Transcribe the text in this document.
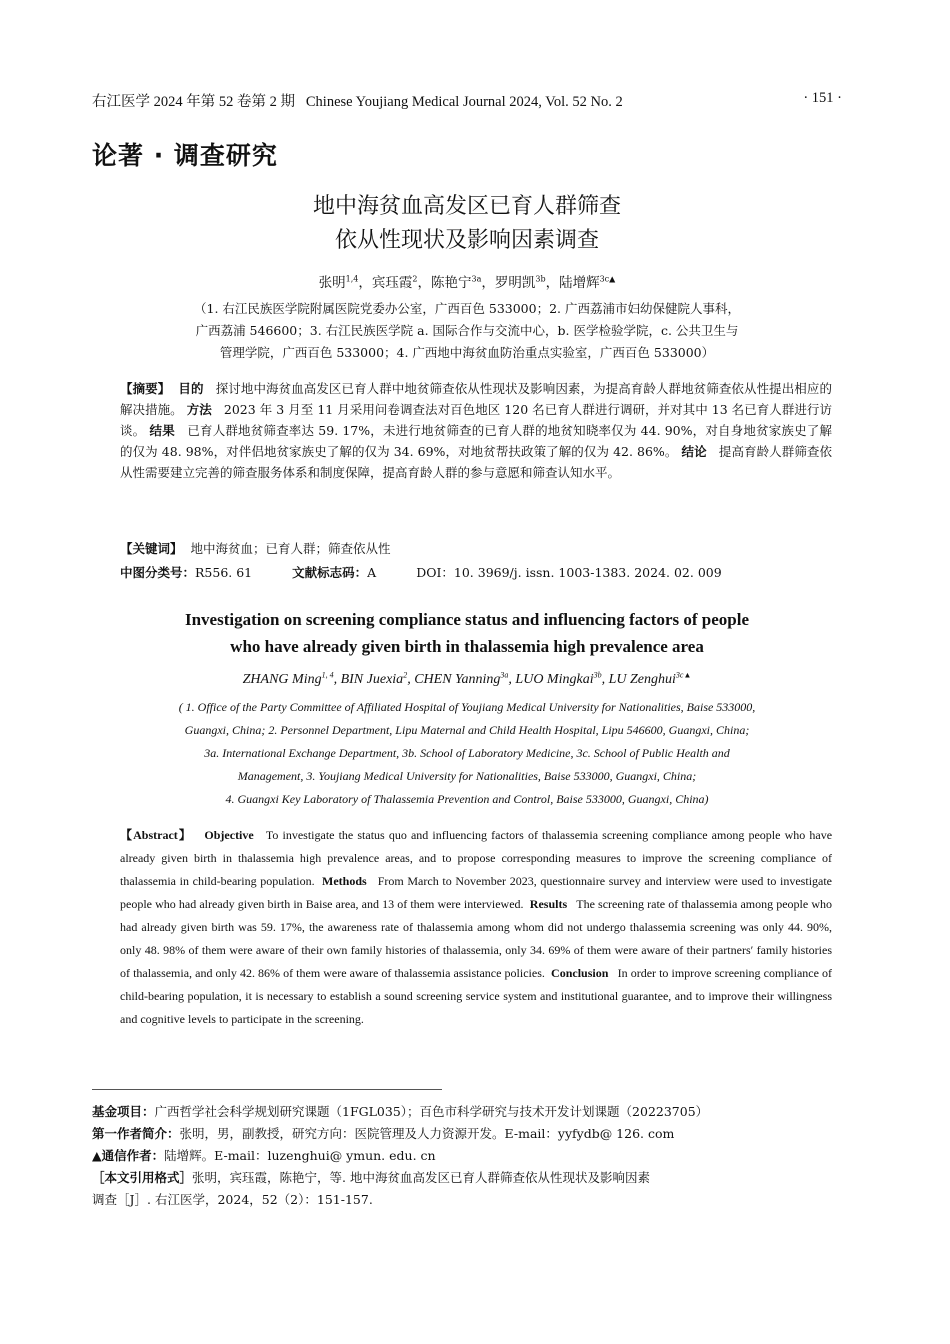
右江医学 2024 年第 52 卷第 2 期 Chinese Youjiang Medical Journal 2024, Vol. 52 No. 2	· 151 ·
论著 · 调查研究
地中海贫血高发区已育人群筛查
依从性现状及影响因素调查
张明$^{1,4}$，宾珏霞$^2$，陈艳宁$^{3a}$，罗明凯$^{3b}$，陆增辉$^{3c▲}$
（1. 右江民族医学院附属医院党委办公室，广西百色 533000；2. 广西荔浦市妇幼保健院人事科，
广西荔浦 546600；3. 右江民族医学院 a. 国际合作与交流中心，b. 医学检验学院，c. 公共卫生与
管理学院，广西百色 533000；4. 广西地中海贫血防治重点实验室，广西百色 533000）
【摘要】 目的 探讨地中海贫血高发区已育人群中地贫筛查依从性现状及影响因素，为提高育龄人群地贫筛查依从性提出相应的解决措施。 方法 2023 年 3 月至 11 月采用问卷调查法对百色地区 120 名已育人群进行调研，并对其中 13 名已育人群进行访谈。 结果 已育人群地贫筛查率达 59. 17%，未进行地贫筛查的已育人群的地贫知晓率仅为 44. 90%，对自身地贫家族史了解的仅为 48. 98%，对伴侣地贫家族史了解的仅为 34. 69%，对地贫帮扶政策了解的仅为 42. 86%。 结论 提高育龄人群筛查依从性需要建立完善的筛查服务体系和制度保障，提高育龄人群的参与意愿和筛查认知水平。
【关键词】 地中海贫血；已育人群；筛查依从性
中图分类号：R556. 61	文献标志码：A	DOI：10. 3969/j. issn. 1003-1383. 2024. 02. 009
Investigation on screening compliance status and influencing factors of people
who have already given birth in thalassemia high prevalence area
ZHANG Ming$^{1, 4}$, BIN Juexia$^2$, CHEN Yanning$^{3a}$, LUO Mingkai$^{3b}$, LU Zenghui$^{3c▲}$
( 1. Office of the Party Committee of Affiliated Hospital of Youjiang Medical University for Nationalities, Baise 533000,
Guangxi, China; 2. Personnel Department, Lipu Maternal and Child Health Hospital, Lipu 546600, Guangxi, China;
3a. International Exchange Department, 3b. School of Laboratory Medicine, 3c. School of Public Health and
Management, 3. Youjiang Medical University for Nationalities, Baise 533000, Guangxi, China;
4. Guangxi Key Laboratory of Thalassemia Prevention and Control, Baise 533000, Guangxi, China)
【Abstract】 Objective To investigate the status quo and influencing factors of thalassemia screening compliance among people who have already given birth in thalassemia high prevalence areas, and to propose corresponding measures to improve the screening compliance of thalassemia in child-bearing population. Methods From March to November 2023, questionnaire survey and interview were used to investigate people who had already given birth in Baise area, and 13 of them were interviewed. Results The screening rate of thalassemia among people who had already given birth was 59. 17%, the awareness rate of thalassemia among whom did not undergo thalassemia screening was only 44. 90%, only 48. 98% of them were aware of their own family histories of thalassemia, only 34. 69% of them were aware of their partners′ family histories of thalassemia, and only 42. 86% of them were aware of thalassemia assistance policies. Conclusion In order to improve screening compliance of child-bearing population, it is necessary to establish a sound screening service system and institutional guarantee, and to improve their willingness and cognitive levels to participate in the screening.
基金项目：广西哲学社会科学规划研究课题（1FGL035）；百色市科学研究与技术开发计划课题（20223705）
第一作者简介：张明，男，副教授，研究方向：医院管理及人力资源开发。E-mail：yyfydb@ 126. com
▲通信作者：陆增辉。E-mail：luzenghui@ ymun. edu. cn
［本文引用格式］张明，宾珏霞，陈艳宁，等. 地中海贫血高发区已育人群筛查依从性现状及影响因素
调查［J］. 右江医学，2024，52（2）：151-157.
